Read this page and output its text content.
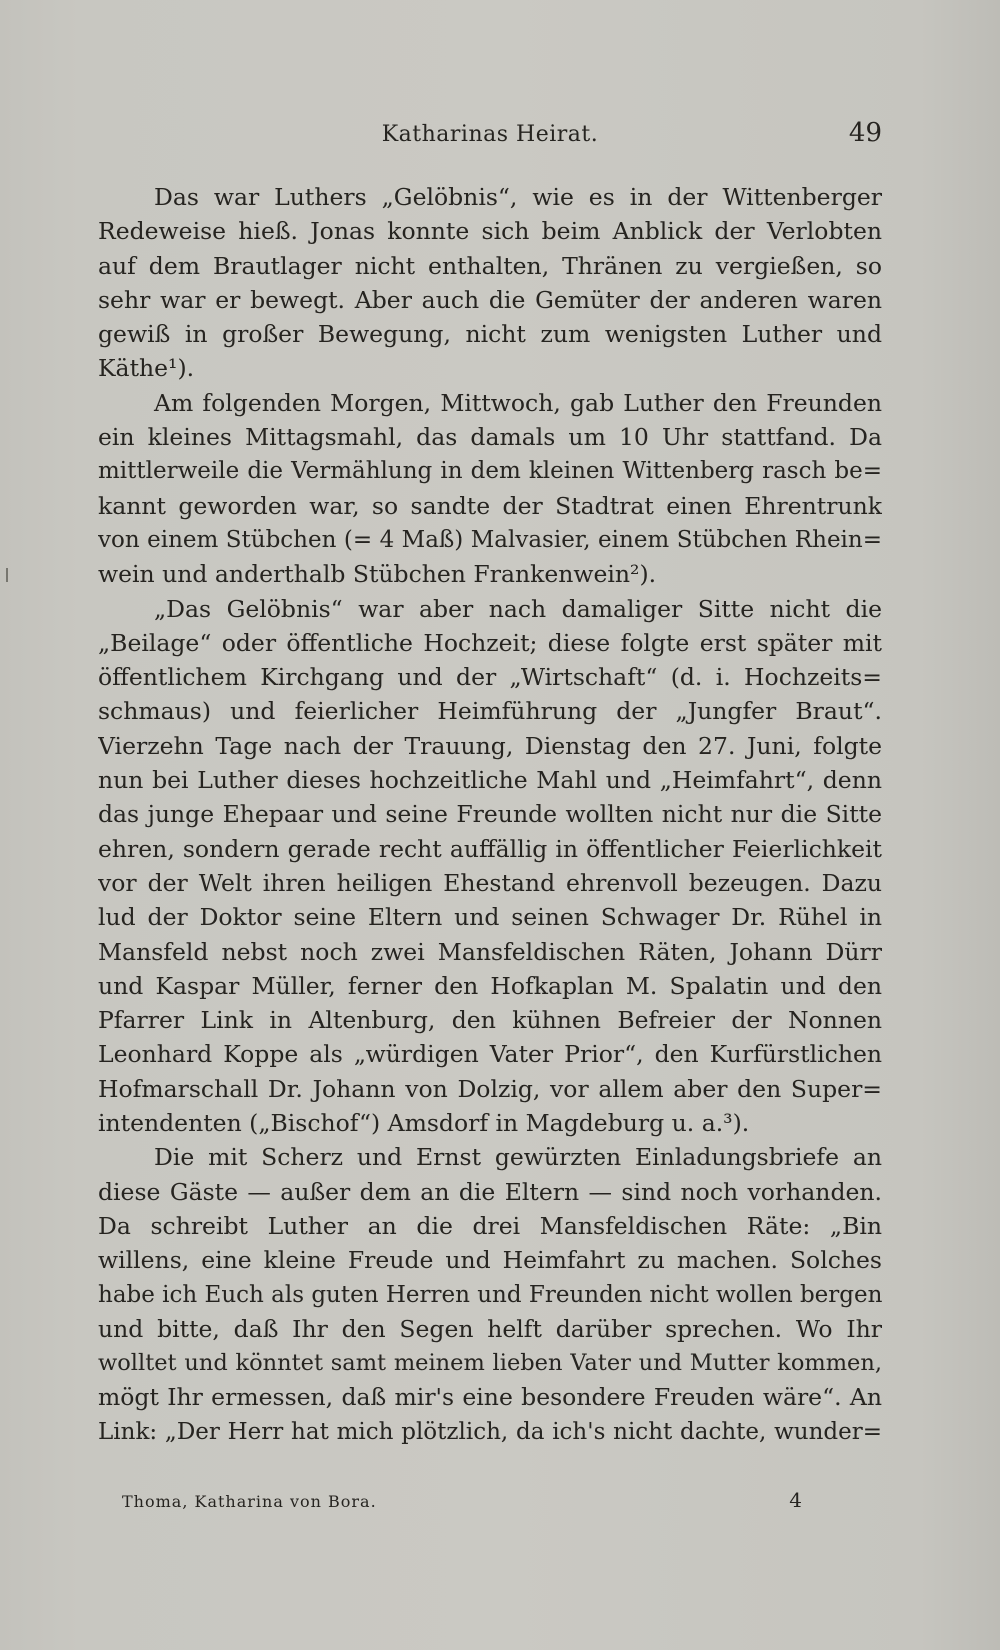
Katharinas Heirat.	49
Das war Luthers „Gelöbnis“, wie es in der Wittenberger
Redeweise hieß. Jonas konnte sich beim Anblick der Verlobten
auf dem Brautlager nicht enthalten, Thränen zu vergießen, so
sehr war er bewegt. Aber auch die Gemüter der anderen waren
gewiß in großer Bewegung, nicht zum wenigsten Luther und
Käthe¹).
Am folgenden Morgen, Mittwoch, gab Luther den Freunden
ein kleines Mittagsmahl, das damals um 10 Uhr stattfand. Da
mittlerweile die Vermählung in dem kleinen Wittenberg rasch be=
kannt geworden war, so sandte der Stadtrat einen Ehrentrunk
von einem Stübchen (= 4 Maß) Malvasier, einem Stübchen Rhein=
wein und anderthalb Stübchen Frankenwein²).
„Das Gelöbnis“ war aber nach damaliger Sitte nicht die
„Beilage“ oder öffentliche Hochzeit; diese folgte erst später mit
öffentlichem Kirchgang und der „Wirtschaft“ (d. i. Hochzeits=
schmaus) und feierlicher Heimführung der „Jungfer Braut“.
Vierzehn Tage nach der Trauung, Dienstag den 27. Juni, folgte
nun bei Luther dieses hochzeitliche Mahl und „Heimfahrt“, denn
das junge Ehepaar und seine Freunde wollten nicht nur die Sitte
ehren, sondern gerade recht auffällig in öffentlicher Feierlichkeit
vor der Welt ihren heiligen Ehestand ehrenvoll bezeugen. Dazu
lud der Doktor seine Eltern und seinen Schwager Dr. Rühel in
Mansfeld nebst noch zwei Mansfeldischen Räten, Johann Dürr
und Kaspar Müller, ferner den Hofkaplan M. Spalatin und den
Pfarrer Link in Altenburg, den kühnen Befreier der Nonnen
Leonhard Koppe als „würdigen Vater Prior“, den Kurfürstlichen
Hofmarschall Dr. Johann von Dolzig, vor allem aber den Super=
intendenten („Bischof“) Amsdorf in Magdeburg u. a.³).
Die mit Scherz und Ernst gewürzten Einladungsbriefe an
diese Gäste — außer dem an die Eltern — sind noch vorhanden.
Da schreibt Luther an die drei Mansfeldischen Räte: „Bin
willens, eine kleine Freude und Heimfahrt zu machen. Solches
habe ich Euch als guten Herren und Freunden nicht wollen bergen
und bitte, daß Ihr den Segen helft darüber sprechen. Wo Ihr
wolltet und könntet samt meinem lieben Vater und Mutter kommen,
mögt Ihr ermessen, daß mir's eine besondere Freuden wäre“. An
Link: „Der Herr hat mich plötzlich, da ich's nicht dachte, wunder=
Thoma, Katharina von Bora.	4
